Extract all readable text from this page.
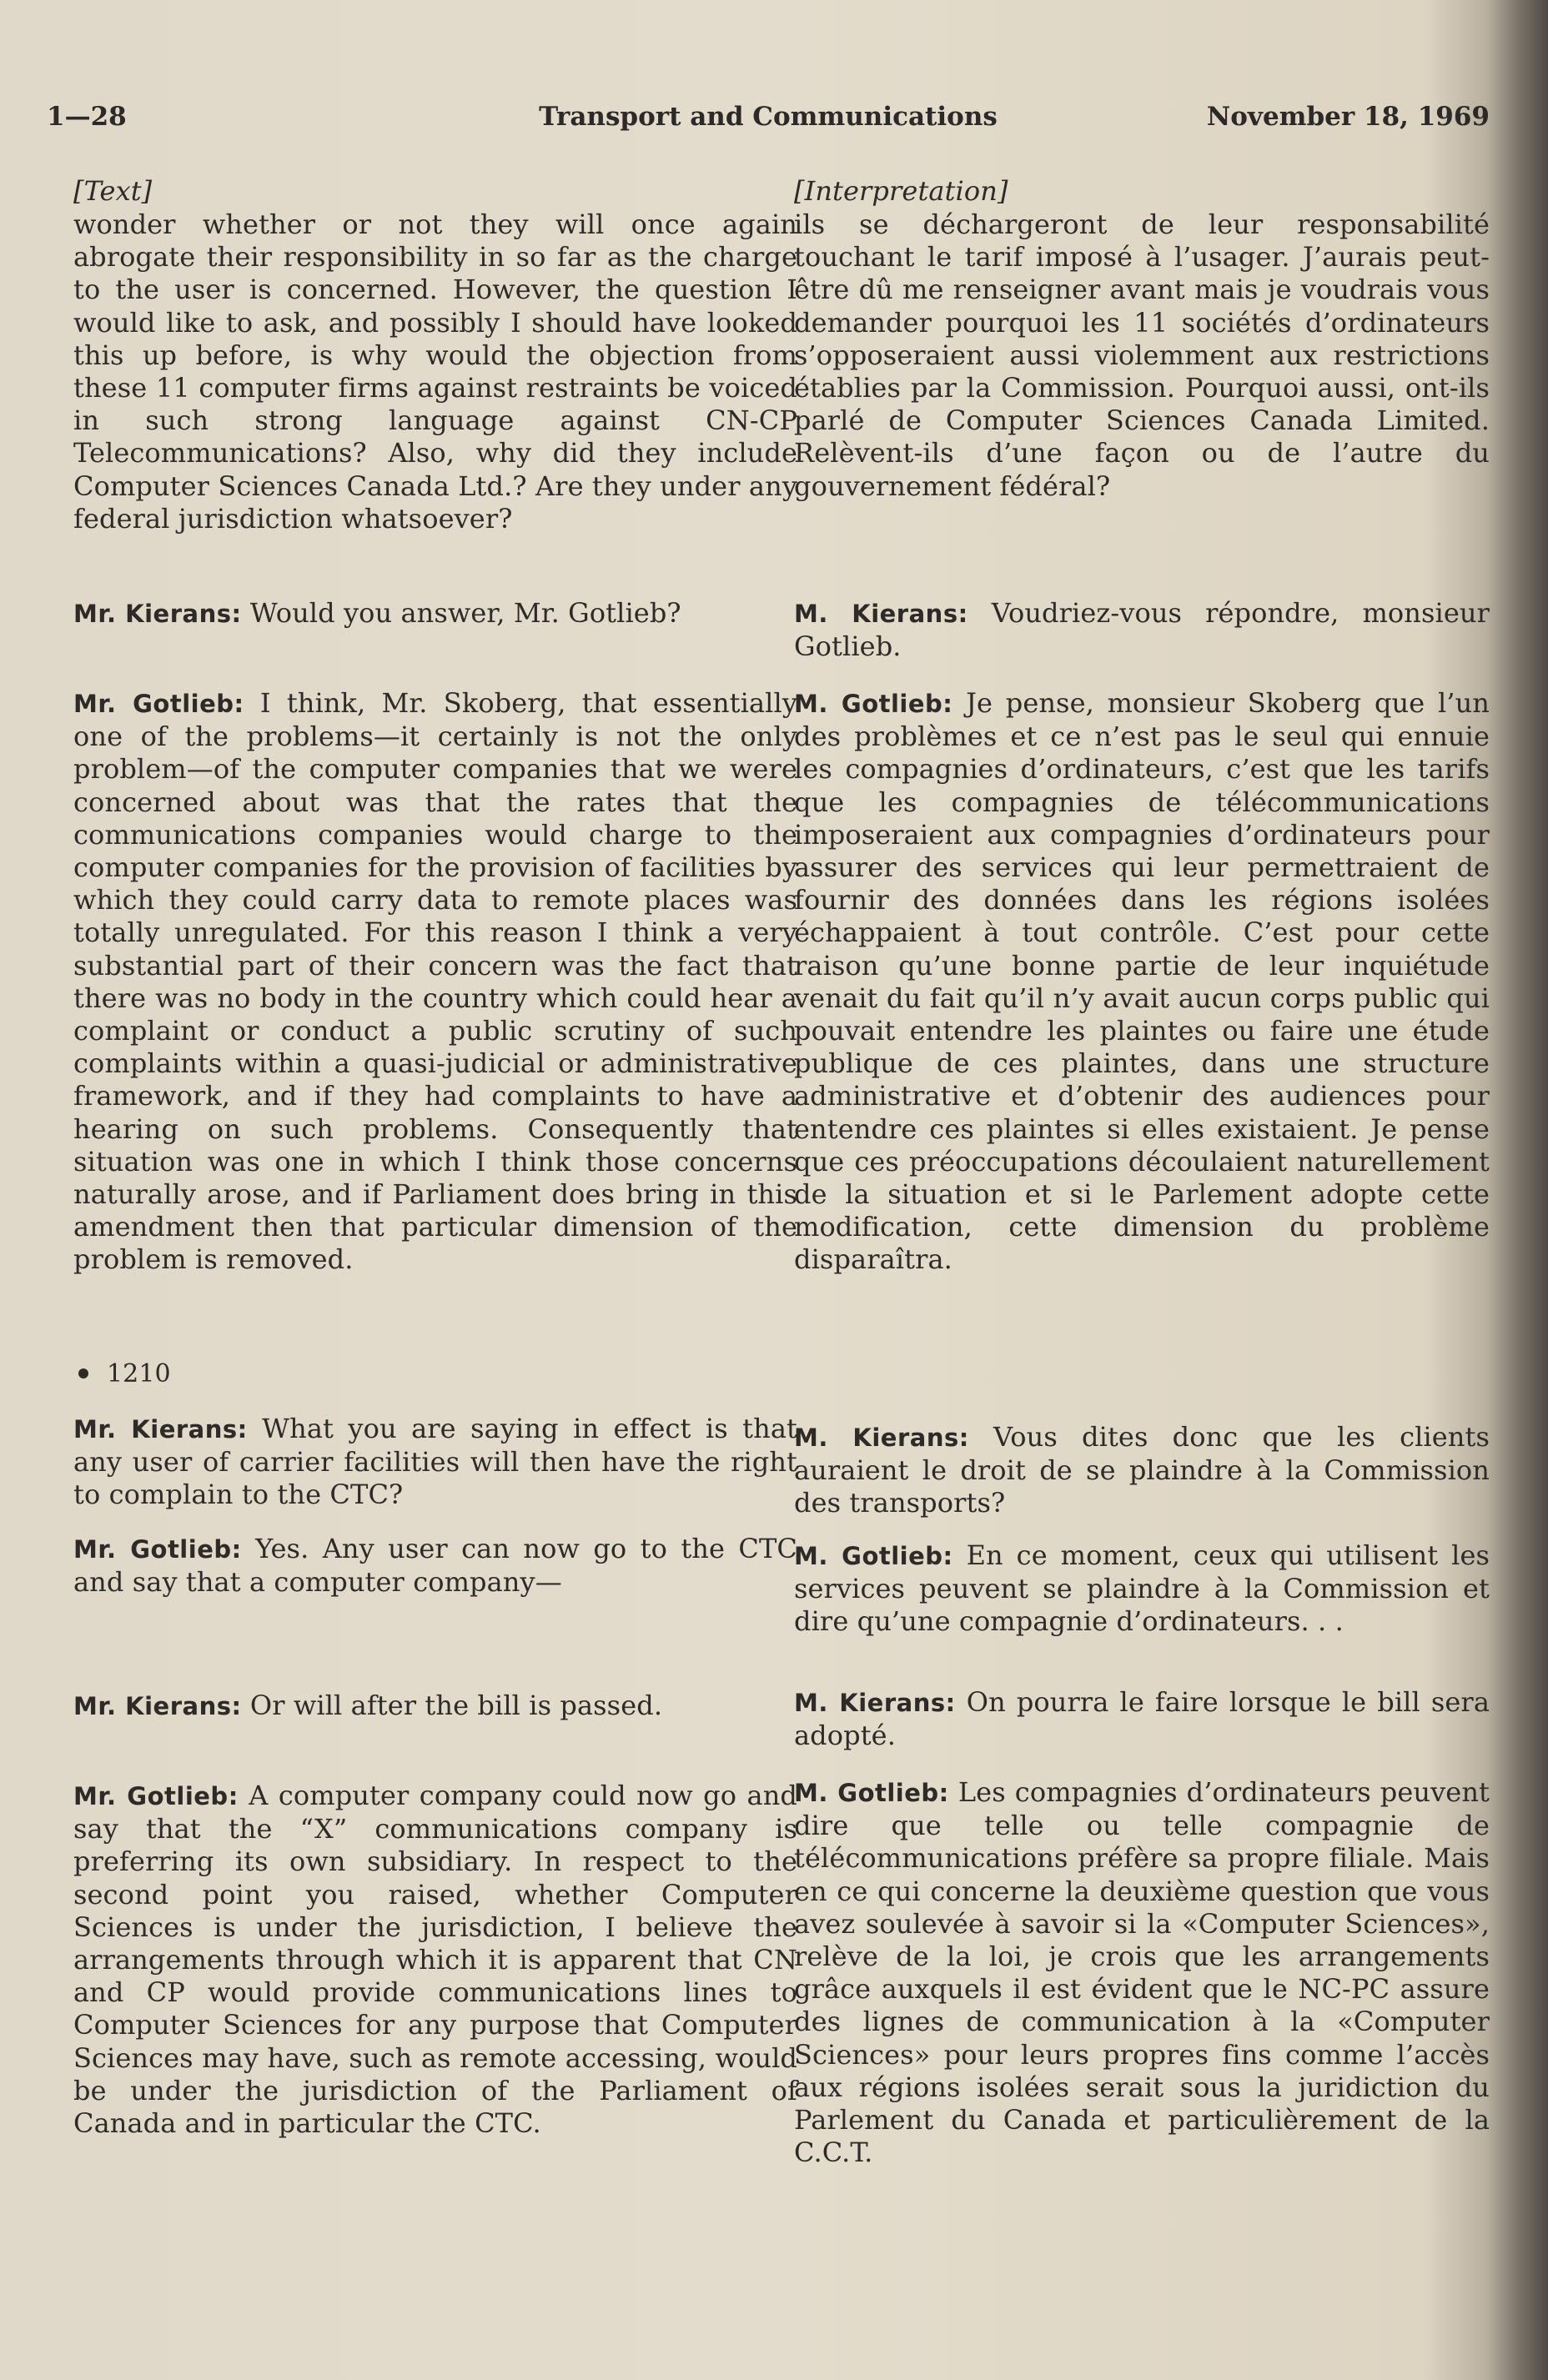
1—28	Transport and Communications	November 18, 1969

[Text]

wonder whether or not they will once again abrogate their responsibility in so far as the charge to the user is concerned. However, the question I would like to ask, and possibly I should have looked this up before, is why would the objection from these 11 computer firms against restraints be voiced in such strong language against CN-CP Telecommunications? Also, why did they include Computer Sciences Canada Ltd.? Are they under any federal jurisdiction whatsoever?

Mr. Kierans: Would you answer, Mr. Gotlieb?

Mr. Gotlieb: I think, Mr. Skoberg, that essentially one of the problems—it certainly is not the only problem—of the computer companies that we were concerned about was that the rates that the communications companies would charge to the computer companies for the provision of facilities by which they could carry data to remote places was totally unregulated. For this reason I think a very substantial part of their concern was the fact that there was no body in the country which could hear a complaint or conduct a public scrutiny of such complaints within a quasi-judicial or administrative framework, and if they had complaints to have a hearing on such problems. Consequently that situation was one in which I think those concerns naturally arose, and if Parliament does bring in this amendment then that particular dimension of the problem is removed.

1210

Mr. Kierans: What you are saying in effect is that any user of carrier facilities will then have the right to complain to the CTC?

Mr. Gotlieb: Yes. Any user can now go to the CTC and say that a computer company—

Mr. Kierans: Or will after the bill is passed.

Mr. Gotlieb: A computer company could now go and say that the “X” communications company is preferring its own subsidiary. In respect to the second point you raised, whether Computer Sciences is under the jurisdiction, I believe the arrangements through which it is apparent that CN and CP would provide communications lines to Computer Sciences for any purpose that Computer Sciences may have, such as remote accessing, would be under the jurisdiction of the Parliament of Canada and in particular the CTC.

[Interpretation]

ils se déchargeront de leur responsabilité touchant le tarif imposé à l’usager. J’aurais peut-être dû me renseigner avant mais je voudrais vous demander pourquoi les 11 sociétés d’ordinateurs s’opposeraient aussi violemment aux restrictions établies par la Commission. Pourquoi aussi, ont-ils parlé de Computer Sciences Canada Limited. Relèvent-ils d’une façon ou de l’autre du gouvernement fédéral?

M. Kierans: Voudriez-vous répondre, monsieur Gotlieb.

M. Gotlieb: Je pense, monsieur Skoberg que l’un des problèmes et ce n’est pas le seul qui ennuie les compagnies d’ordinateurs, c’est que les tarifs que les compagnies de télécommunications imposeraient aux compagnies d’ordinateurs pour assurer des services qui leur permettraient de fournir des données dans les régions isolées échappaient à tout contrôle. C’est pour cette raison qu’une bonne partie de leur inquiétude venait du fait qu’il n’y avait aucun corps public qui pouvait entendre les plaintes ou faire une étude publique de ces plaintes, dans une structure administrative et d’obtenir des audiences pour entendre ces plaintes si elles existaient. Je pense que ces préoccupations découlaient naturellement de la situation et si le Parlement adopte cette modification, cette dimension du problème disparaîtra.

M. Kierans: Vous dites donc que les clients auraient le droit de se plaindre à la Commission des transports?

M. Gotlieb: En ce moment, ceux qui utilisent les services peuvent se plaindre à la Commission et dire qu’une compagnie d’ordinateurs. . .

M. Kierans: On pourra le faire lorsque le bill sera adopté.

M. Gotlieb: Les compagnies d’ordinateurs peuvent dire que telle ou telle compagnie de télécommunications préfère sa propre filiale. Mais en ce qui concerne la deuxième question que vous avez soulevée à savoir si la «Computer Sciences», relève de la loi, je crois que les arrangements grâce auxquels il est évident que le NC-PC assure des lignes de communication à la «Computer Sciences» pour leurs propres fins comme l’accès aux régions isolées serait sous la juridiction du Parlement du Canada et particulièrement de la C.C.T.
